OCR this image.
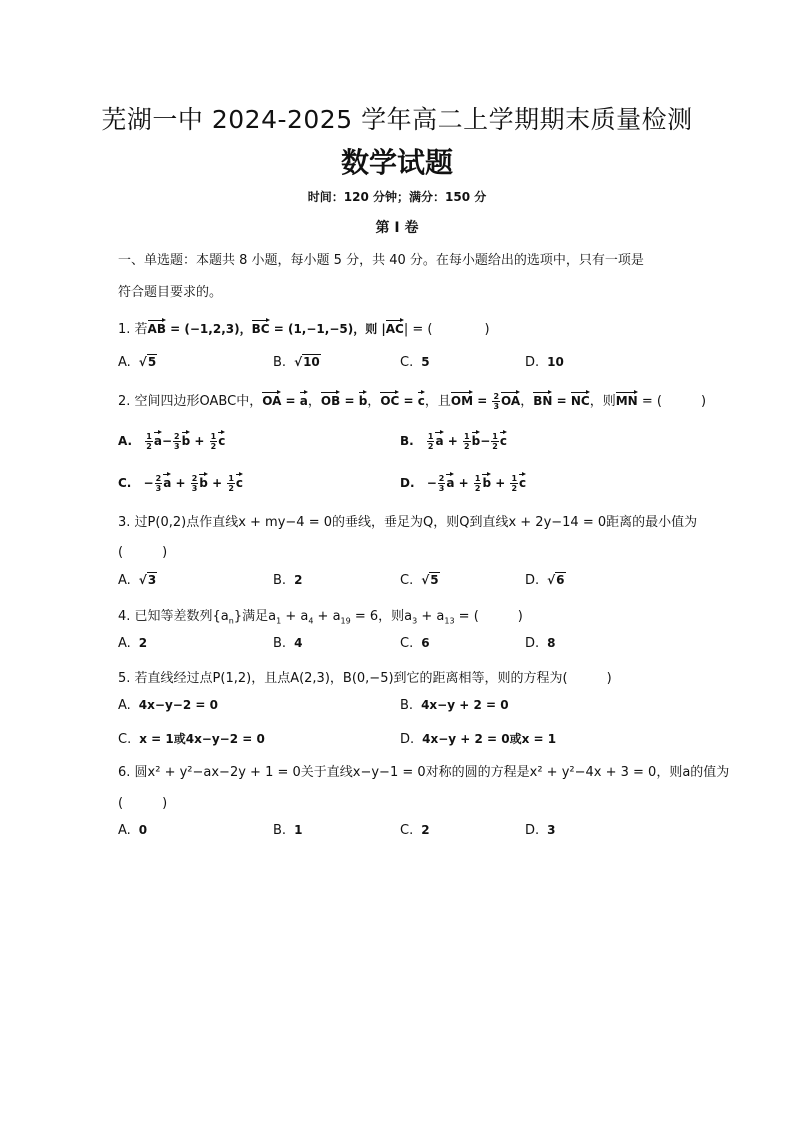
芜湖一中 2024-2025 学年高二上学期期末质量检测
数学试题
时间：120 分钟；满分：150 分
第 I 卷
一、单选题：本题共 8 小题，每小题 5 分，共 40 分。在每小题给出的选项中，只有一项是
符合题目要求的。
1. 若AB = (−1,2,3)，BC = (1,−1,−5)，则 |AC| = (　　　　)
A. √5	B. √10	C. 5	D. 10
2. 空间四边形OABC中，OA = a，OB = b，OC = c，且OM = $\frac{2}{3}$ OA，BN = NC，则MN = (　　　)
A. $\frac{1}{2} a- \frac{2}{3}$ $b + \frac{1}{2}$ c	B. $\frac{1}{2}$ $a + \frac{1}{2} b- \frac{1}{2}$ c
C. − $\frac{2}{3}$ $a + \frac{2}{3}$ $b + \frac{1}{2}$ c	D. − $\frac{2}{3}$ $a + \frac{1}{2}$ $b + \frac{1}{2}$ c
3. 过P(0,2)点作直线x + my−4 = 0的垂线，垂足为Q，则Q到直线x + 2y−14 = 0距离的最小值为
(　　　)
A. √3	B. 2	C. √5	D. √6
4. 已知等差数列$\{a_n\}$满足$a_1 + a_4 + a_{19} = 6$，则$a_3 + a_{13}$ = (　　　)
A. 2	B. 4	C. 6	D. 8
5. 若直线经过点P(1,2)，且点A(2,3)，B(0,−5)到它的距离相等，则的方程为(　　　)
A. 4x−y−2 = 0	B. 4x−y + 2 = 0
C. x = 1或4x−y−2 = 0	D. 4x−y + 2 = 0或x = 1
6. 圆x² + y²−ax−2y + 1 = 0关于直线x−y−1 = 0对称的圆的方程是x² + y²−4x + 3 = 0，则a的值为
(　　　)
A. 0	B. 1	C. 2	D. 3
